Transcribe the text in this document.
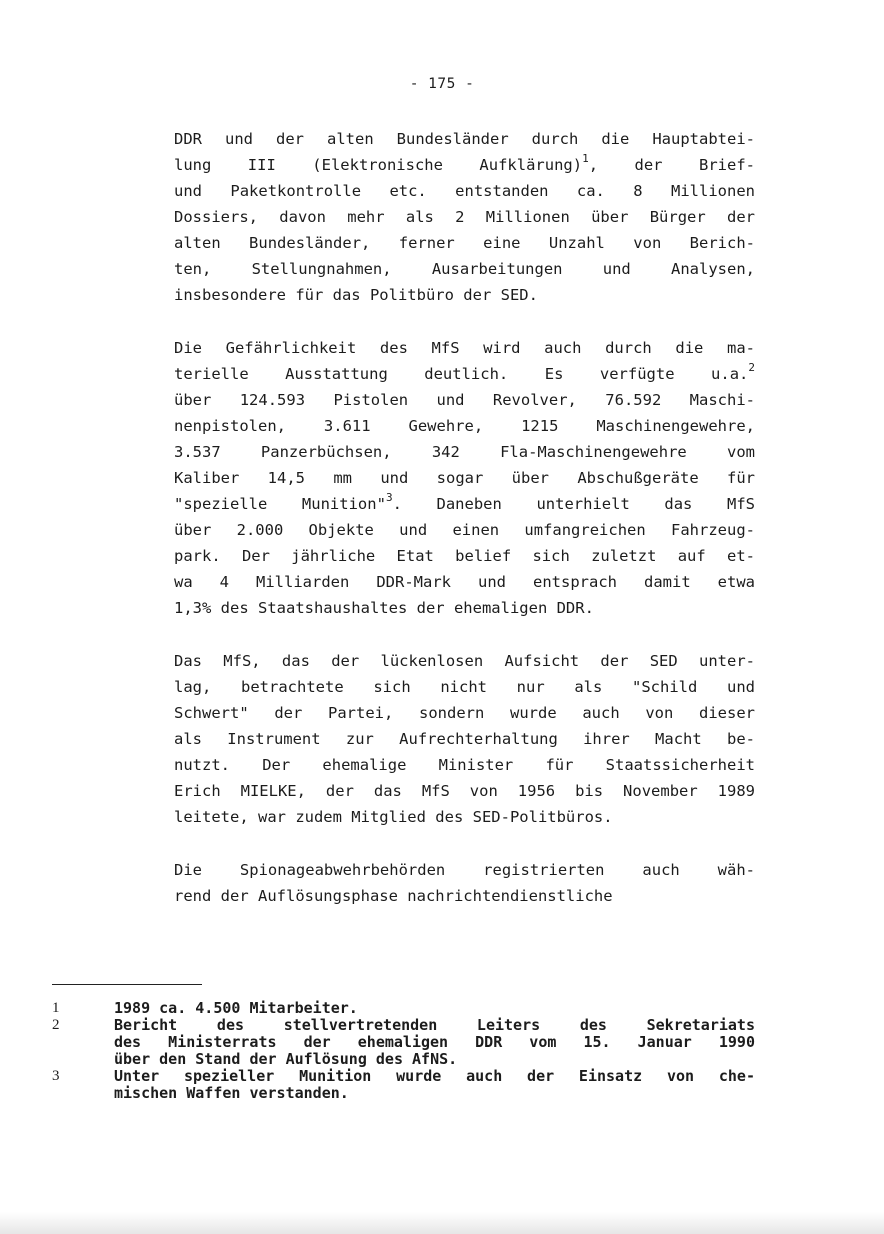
- 175 -
DDR und der alten Bundesländer durch die Hauptabtei-
lung III (Elektronische Aufklärung)$^1$, der Brief-
und Paketkontrolle etc. entstanden ca. 8 Millionen
Dossiers, davon mehr als 2 Millionen über Bürger der
alten Bundesländer, ferner eine Unzahl von Berich-
ten, Stellungnahmen, Ausarbeitungen und Analysen,
insbesondere für das Politbüro der SED.
Die Gefährlichkeit des MfS wird auch durch die ma-
terielle Ausstattung deutlich. Es verfügte u.a.$^2$
über 124.593 Pistolen und Revolver, 76.592 Maschi-
nenpistolen, 3.611 Gewehre, 1215 Maschinengewehre,
3.537 Panzerbüchsen, 342 Fla-Maschinengewehre vom
Kaliber 14,5 mm und sogar über Abschußgeräte für
"spezielle Munition"$^3$. Daneben unterhielt das MfS
über 2.000 Objekte und einen umfangreichen Fahrzeug-
park. Der jährliche Etat belief sich zuletzt auf et-
wa 4 Milliarden DDR-Mark und entsprach damit etwa
1,3% des Staatshaushaltes der ehemaligen DDR.
Das MfS, das der lückenlosen Aufsicht der SED unter-
lag, betrachtete sich nicht nur als "Schild und
Schwert" der Partei, sondern wurde auch von dieser
als Instrument zur Aufrechterhaltung ihrer Macht be-
nutzt. Der ehemalige Minister für Staatssicherheit
Erich MIELKE, der das MfS von 1956 bis November 1989
leitete, war zudem Mitglied des SED-Politbüros.
Die Spionageabwehrbehörden registrierten auch wäh-
rend der Auflösungsphase nachrichtendienstliche
1	1989 ca. 4.500 Mitarbeiter.
2	Bericht des stellvertretenden Leiters des Sekretariats
des Ministerrats der ehemaligen DDR vom 15. Januar 1990
über den Stand der Auflösung des AfNS.
3	Unter spezieller Munition wurde auch der Einsatz von che-
mischen Waffen verstanden.
